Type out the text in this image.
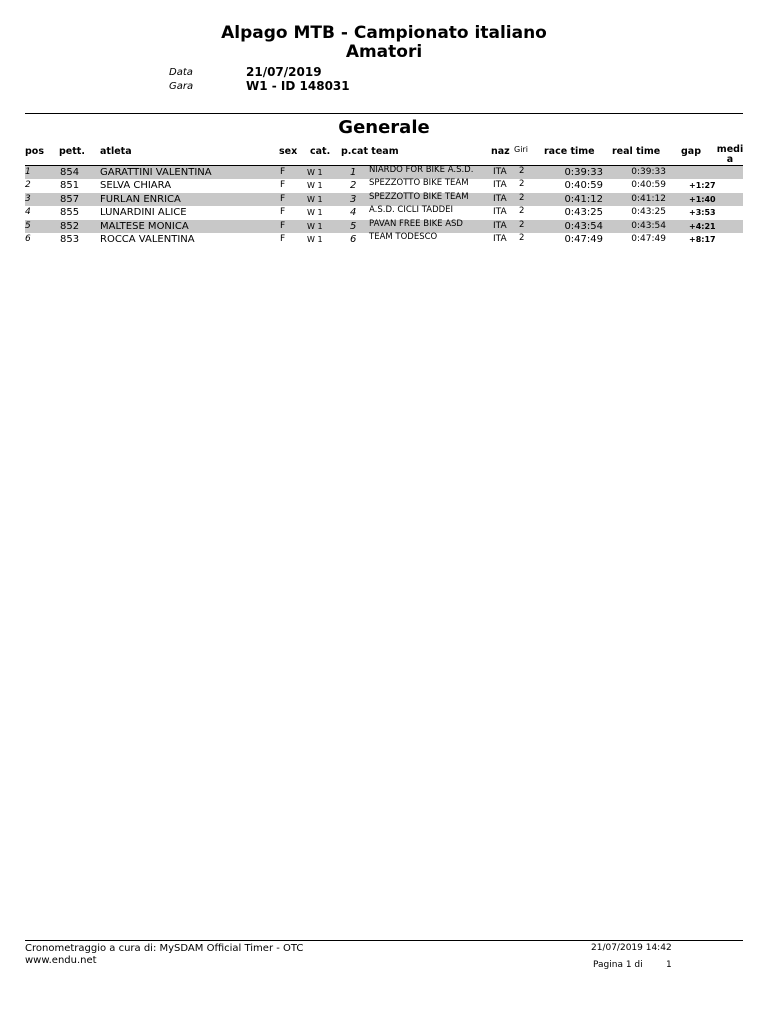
Alpago MTB - Campionato italiano
Amatori
Data	21/07/2019
Gara	W1 - ID 148031
Generale
pos pett. atleta	sex cat. p.cat team	naz Giri race time real time gap media
1	854 GARATTINI VALENTINA	F	W 1	1 NIARDO FOR BIKE A.S.D. ITA 2	0:39:33	0:39:33
2	851 SELVA CHIARA	F	W 1	2 SPEZZOTTO BIKE TEAM	ITA 2	0:40:59	0:40:59	+1:27
3	857 FURLAN ENRICA	F	W 1	3 SPEZZOTTO BIKE TEAM	ITA 2	0:41:12	0:41:12	+1:40
4	855 LUNARDINI ALICE	F	W 1	4 A.S.D. CICLI TADDEI	ITA 2	0:43:25	0:43:25	+3:53
5	852 MALTESE MONICA	F	W 1	5 PAVAN FREE BIKE ASD	ITA 2	0:43:54	0:43:54	+4:21
6	853 ROCCA VALENTINA	F	W 1	6 TEAM TODESCO	ITA 2	0:47:49	0:47:49	+8:17
Cronometraggio a cura di: MySDAM Official Timer - OTC
www.endu.net
21/07/2019 14:42
Pagina 1 di	1
